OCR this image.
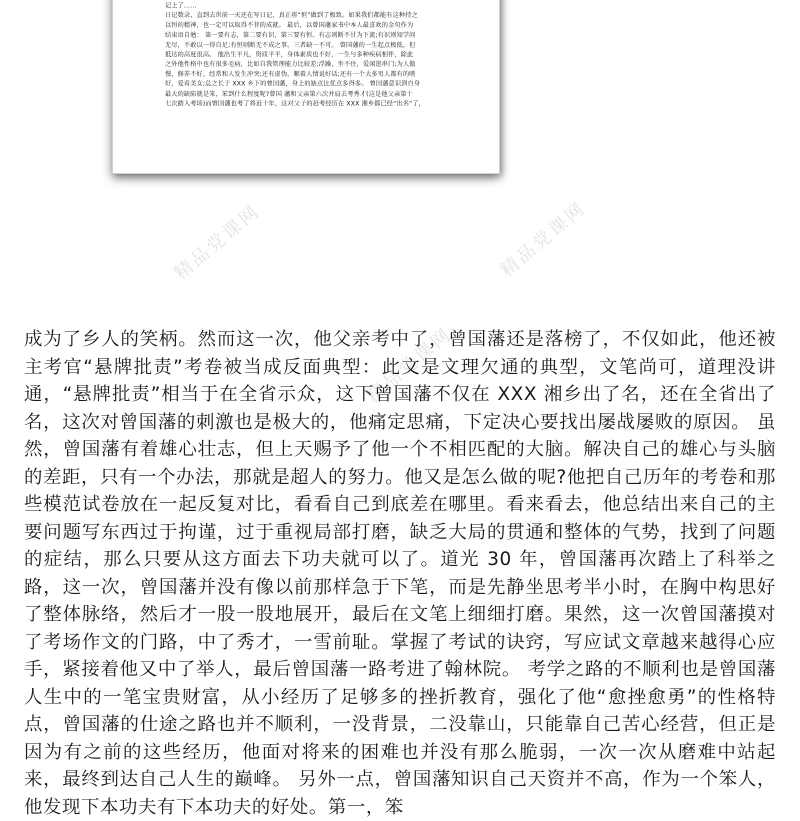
记上了……
日记数录，直到去世前一天还在写日记，真正将“恒”做到了极致。如果我们都能有这种持之
以恒的精神，也一定可以取得不菲的成就。 最后，以曾国藩家书中本人最喜欢的金句作为
结束语自勉： 第一要有志，第二要有识，第三要有恒。有志则断不甘为下流;有识则知学问
无尽，不敢以一得自足;有恒则断无不成之事。三者缺一不可。 曾国藩的一生起点极低，但
抵达的高度很高。 他出生平凡，资质平平，身体素质也不好，一生与多种疾病相伴，除此
之外他性格中也有很多毛病，比如自我管理能力比较差;浮躁，坐不住，爱闲逛串门;为人傲
慢，修养不好，经常和人发生冲突;还有虚伪，顺着人情说好话;还有一个大多男人都有的嗜
好，爱看美女;总之长于 XXX 乡下的曾国藩，身上的缺点比优点多得多。 曾国藩意识到自身
最大的缺陷就是笨，笨到什么程度呢?曾国 藩和父亲第六次并肩去考秀才(这是他父亲第十
七次踏入考场)而曾国藩也考了将近十年，这对父子的赶考经历在 XXX 湘乡都已经“出名”了，
精品党课网	精品党课网
精品党课网
成为了乡人的笑柄。然而这一次，他父亲考中了，曾国藩还是落榜了，不仅如此，他还被主考官“悬牌批责”考卷被当成反面典型：此文是文理欠通的典型，文笔尚可，道理没讲通，“悬牌批责”相当于在全省示众，这下曾国藩不仅在 XXX 湘乡出了名，还在全省出了名，这次对曾国藩的刺激也是极大的，他痛定思痛，下定决心要找出屡战屡败的原因。 虽然，曾国藩有着雄心壮志，但上天赐予了他一个不相匹配的大脑。解决自己的雄心与头脑的差距，只有一个办法，那就是超人的努力。他又是怎么做的呢?他把自己历年的考卷和那些模范试卷放在一起反复对比，看看自己到底差在哪里。看来看去，他总结出来自己的主要问题写东西过于拘谨，过于重视局部打磨，缺乏大局的贯通和整体的气势，找到了问题的症结，那么只要从这方面去下功夫就可以了。道光 30 年，曾国藩再次踏上了科举之路，这一次，曾国藩并没有像以前那样急于下笔，而是先静坐思考半小时，在胸中构思好了整体脉络，然后才一股一股地展开，最后在文笔上细细打磨。果然，这一次曾国藩摸对了考场作文的门路，中了秀才，一雪前耻。掌握了考试的诀窍，写应试文章越来越得心应手，紧接着他又中了举人，最后曾国藩一路考进了翰林院。 考学之路的不顺利也是曾国藩人生中的一笔宝贵财富，从小经历了足够多的挫折教育，强化了他“愈挫愈勇”的性格特点，曾国藩的仕途之路也并不顺利，一没背景，二没靠山，只能靠自己苦心经营，但正是因为有之前的这些经历，他面对将来的困难也并没有那么脆弱，一次一次从磨难中站起来，最终到达自己人生的巅峰。 另外一点，曾国藩知识自己天资并不高，作为一个笨人，他发现下本功夫有下本功夫的好处。第一，笨
